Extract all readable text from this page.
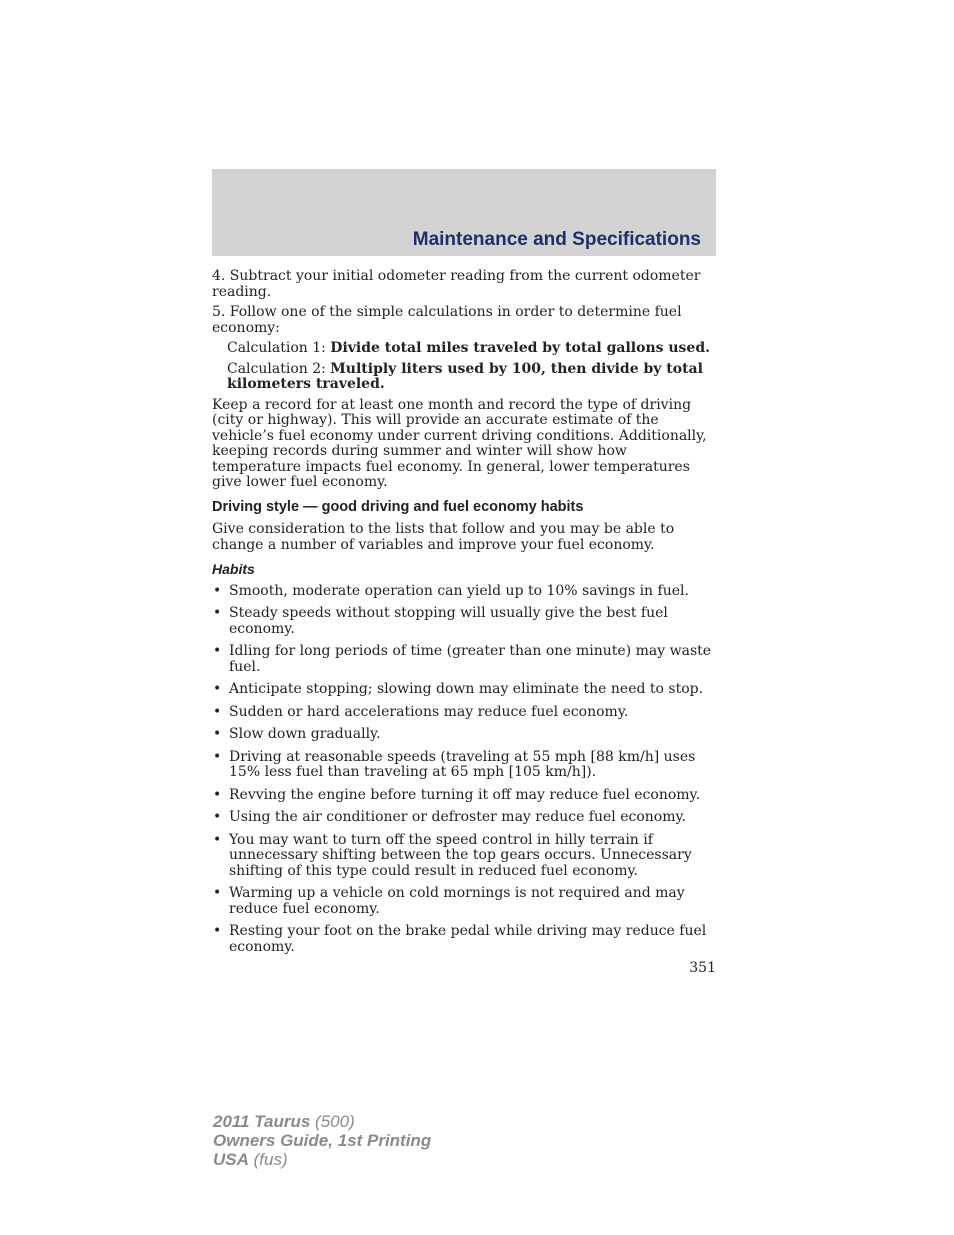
Maintenance and Specifications

4. Subtract your initial odometer reading from the current odometer reading.

5. Follow one of the simple calculations in order to determine fuel economy:

Calculation 1: Divide total miles traveled by total gallons used.

Calculation 2: Multiply liters used by 100, then divide by total kilometers traveled.

Keep a record for at least one month and record the type of driving (city or highway). This will provide an accurate estimate of the vehicle’s fuel economy under current driving conditions. Additionally, keeping records during summer and winter will show how temperature impacts fuel economy. In general, lower temperatures give lower fuel economy.

Driving style — good driving and fuel economy habits

Give consideration to the lists that follow and you may be able to change a number of variables and improve your fuel economy.

Habits
• Smooth, moderate operation can yield up to 10% savings in fuel.
• Steady speeds without stopping will usually give the best fuel economy.
• Idling for long periods of time (greater than one minute) may waste fuel.
• Anticipate stopping; slowing down may eliminate the need to stop.
• Sudden or hard accelerations may reduce fuel economy.
• Slow down gradually.
• Driving at reasonable speeds (traveling at 55 mph [88 km/h] uses 15% less fuel than traveling at 65 mph [105 km/h]).
• Revving the engine before turning it off may reduce fuel economy.
• Using the air conditioner or defroster may reduce fuel economy.
• You may want to turn off the speed control in hilly terrain if unnecessary shifting between the top gears occurs. Unnecessary shifting of this type could result in reduced fuel economy.
• Warming up a vehicle on cold mornings is not required and may reduce fuel economy.
• Resting your foot on the brake pedal while driving may reduce fuel economy.
351
2011 Taurus (500)
Owners Guide, 1st Printing
USA (fus)
